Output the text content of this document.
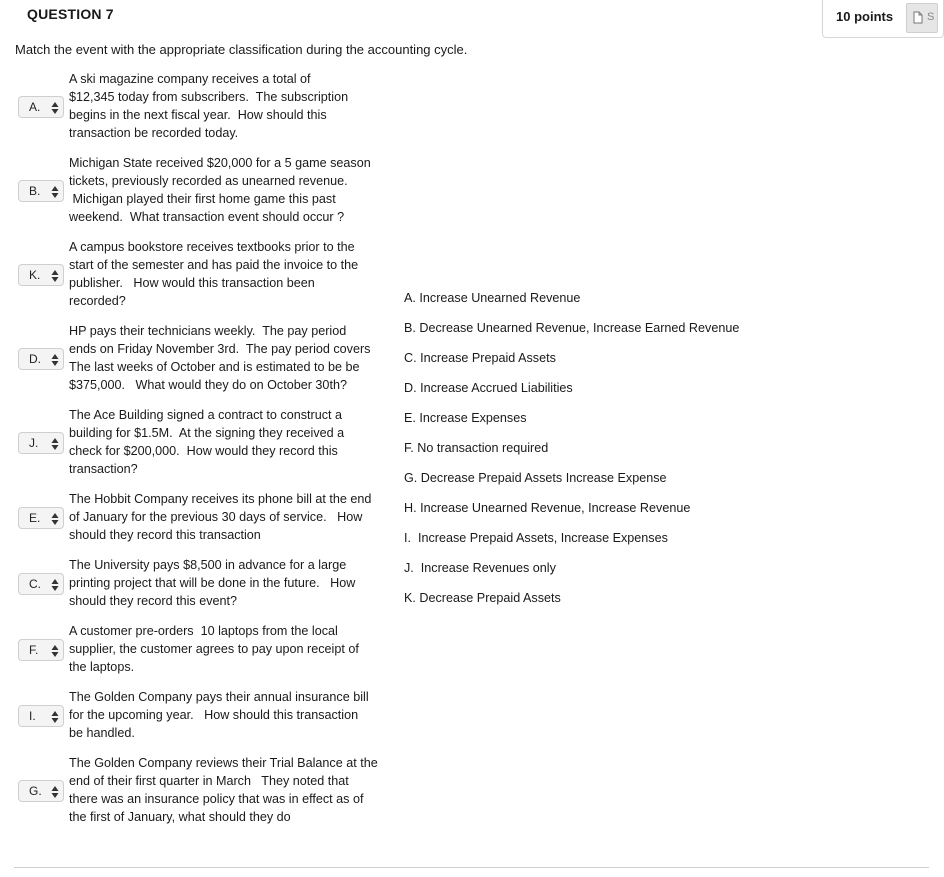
QUESTION 7	10 points	S
Match the event with the appropriate classification during the accounting cycle.
A.
A ski magazine company receives a total of
$12,345 today from subscribers.  The subscription
begins in the next fiscal year.  How should this
transaction be recorded today.
B.
Michigan State received $20,000 for a 5 game season
tickets, previously recorded as unearned revenue.
Michigan played their first home game this past
weekend.  What transaction event should occur ?
K.
A campus bookstore receives textbooks prior to the
start of the semester and has paid the invoice to the
publisher.   How would this transaction been
recorded?
D.
HP pays their technicians weekly.  The pay period
ends on Friday November 3rd.  The pay period covers
The last weeks of October and is estimated to be be
$375,000.   What would they do on October 30th?
J.
The Ace Building signed a contract to construct a
building for $1.5M.  At the signing they received a
check for $200,000.  How would they record this
transaction?
E.
The Hobbit Company receives its phone bill at the end
of January for the previous 30 days of service.   How
should they record this transaction
C.
The University pays $8,500 in advance for a large
printing project that will be done in the future.   How
should they record this event?
F.
A customer pre-orders  10 laptops from the local
supplier, the customer agrees to pay upon receipt of
the laptops.
I.
The Golden Company pays their annual insurance bill
for the upcoming year.   How should this transaction
be handled.
G.
The Golden Company reviews their Trial Balance at the
end of their first quarter in March   They noted that
there was an insurance policy that was in effect as of
the first of January, what should they do
A. Increase Unearned Revenue
B. Decrease Unearned Revenue, Increase Earned Revenue
C. Increase Prepaid Assets
D. Increase Accrued Liabilities
E. Increase Expenses
F. No transaction required
G. Decrease Prepaid Assets Increase Expense
H. Increase Unearned Revenue, Increase Revenue
I.  Increase Prepaid Assets, Increase Expenses
J.  Increase Revenues only
K. Decrease Prepaid Assets
